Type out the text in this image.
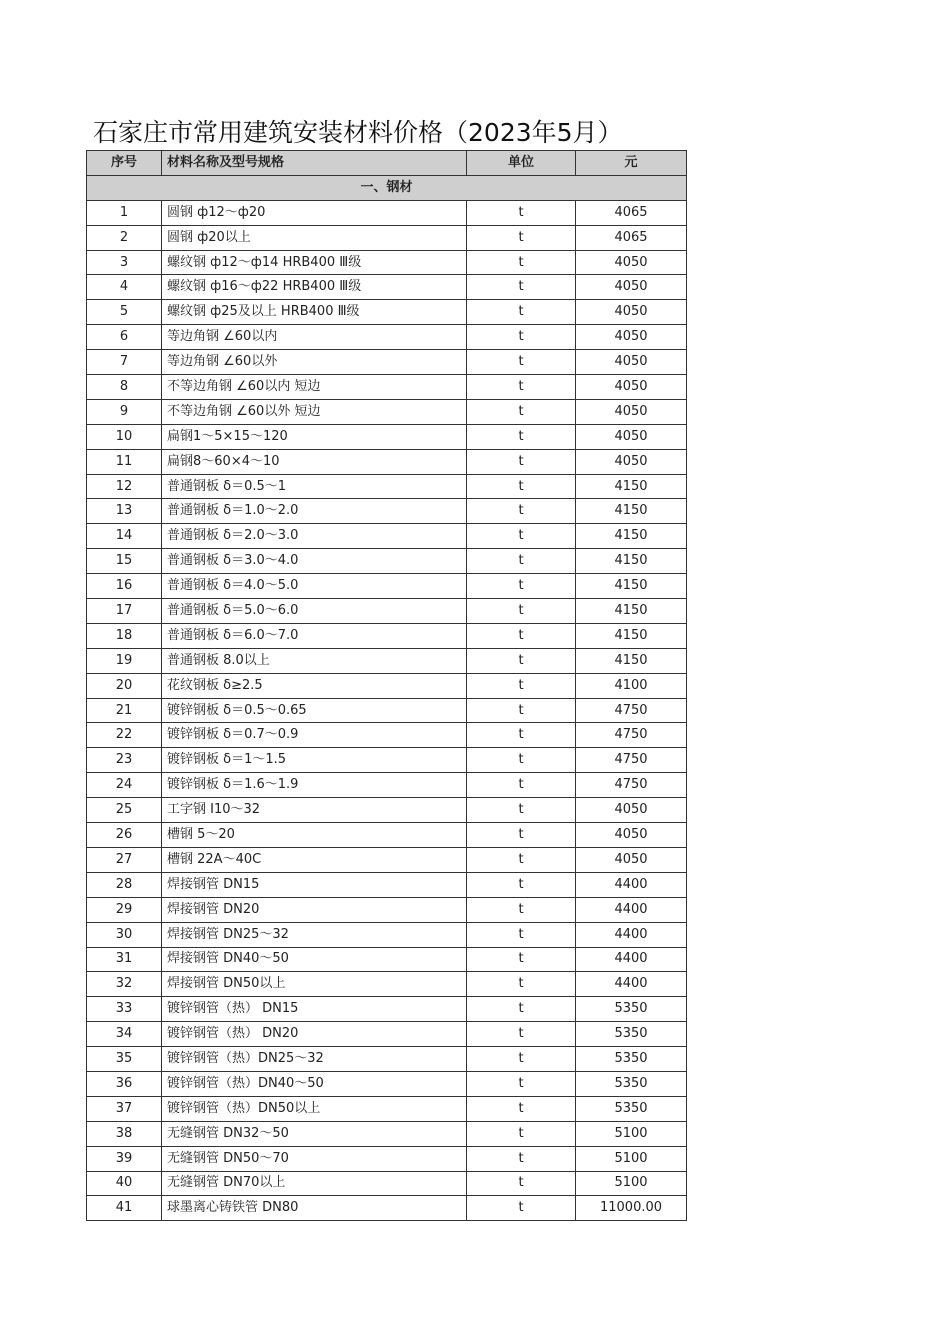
石家庄市常用建筑安装材料价格（2023年5月）
序号	材料名称及型号规格	单位	元
一、钢材			
1	圆钢 ф12～ф20	t	4065
2	圆钢 ф20以上	t	4065
3	螺纹钢 ф12～ф14 HRB400 Ⅲ级	t	4050
4	螺纹钢 ф16～ф22 HRB400 Ⅲ级	t	4050
5	螺纹钢 ф25及以上 HRB400 Ⅲ级	t	4050
6	等边角钢 ∠60以内	t	4050
7	等边角钢 ∠60以外	t	4050
8	不等边角钢 ∠60以内 短边	t	4050
9	不等边角钢 ∠60以外 短边	t	4050
10	扁钢1～5×15～120	t	4050
11	扁钢8～60×4～10	t	4050
12	普通钢板 δ＝0.5～1	t	4150
13	普通钢板 δ＝1.0～2.0	t	4150
14	普通钢板 δ＝2.0～3.0	t	4150
15	普通钢板 δ＝3.0～4.0	t	4150
16	普通钢板 δ＝4.0～5.0	t	4150
17	普通钢板 δ＝5.0～6.0	t	4150
18	普通钢板 δ＝6.0～7.0	t	4150
19	普通钢板 8.0以上	t	4150
20	花纹钢板 δ≥2.5	t	4100
21	镀锌钢板 δ＝0.5～0.65	t	4750
22	镀锌钢板 δ＝0.7～0.9	t	4750
23	镀锌钢板 δ＝1～1.5	t	4750
24	镀锌钢板 δ＝1.6～1.9	t	4750
25	工字钢 Ⅰ10～32	t	4050
26	槽钢 5～20	t	4050
27	槽钢 22A～40C	t	4050
28	焊接钢管 DN15	t	4400
29	焊接钢管 DN20	t	4400
30	焊接钢管 DN25～32	t	4400
31	焊接钢管 DN40～50	t	4400
32	焊接钢管 DN50以上	t	4400
33	镀锌钢管（热） DN15	t	5350
34	镀锌钢管（热） DN20	t	5350
35	镀锌钢管（热）DN25～32	t	5350
36	镀锌钢管（热）DN40～50	t	5350
37	镀锌钢管（热）DN50以上	t	5350
38	无缝钢管 DN32～50	t	5100
39	无缝钢管 DN50～70	t	5100
40	无缝钢管 DN70以上	t	5100
41	球墨离心铸铁管 DN80	t	11000.00
